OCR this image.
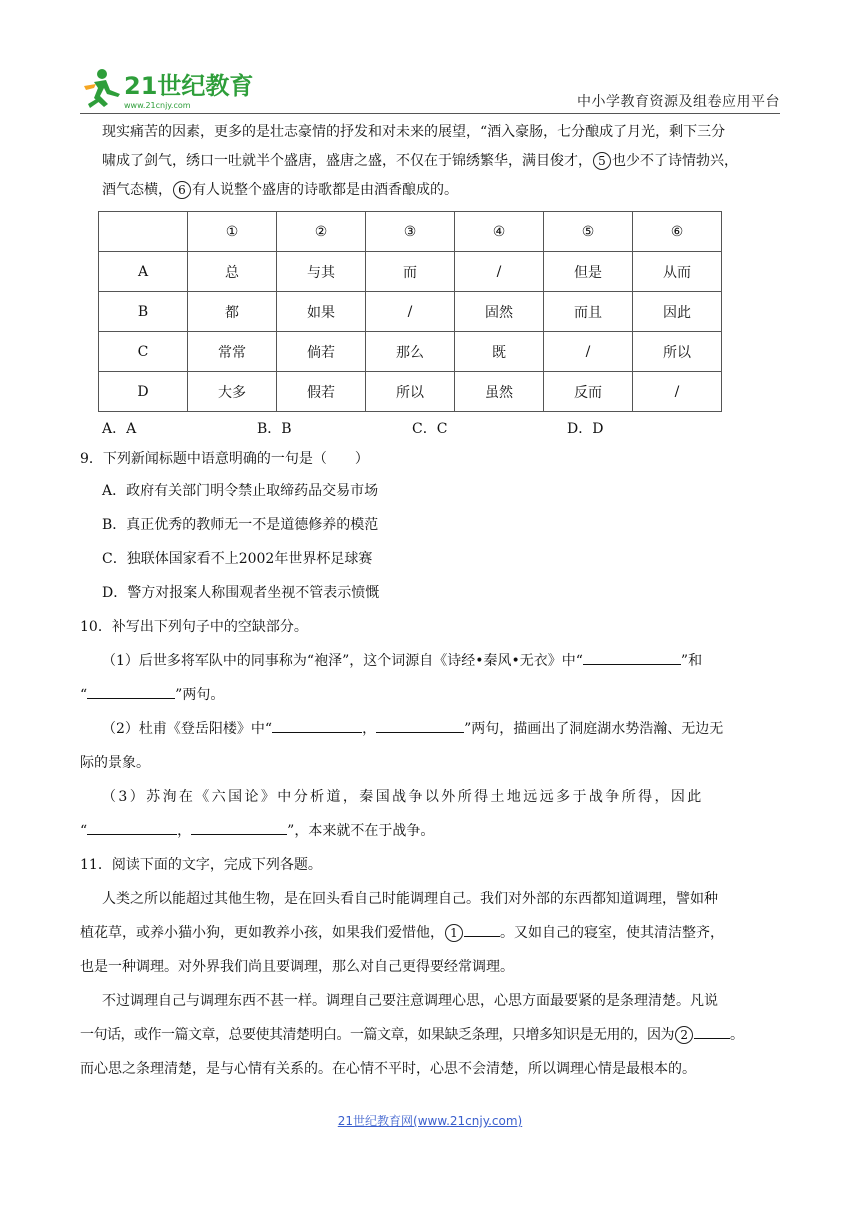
21世纪教育
www.21cnjy.com	中小学教育资源及组卷应用平台

现实痛苦的因素，更多的是壮志豪情的抒发和对未来的展望，“酒入豪肠，七分酿成了月光，剩下三分

啸成了剑气，绣口一吐就半个盛唐，盛唐之盛，不仅在于锦绣繁华，满目俊才， 5 也少不了诗情勃兴，

酒气态横， 6 有人说整个盛唐的诗歌都是由酒香酿成的。

	①	②	③	④	⑤	⑥
A	总	与其	而	/	但是	从而
B	都	如果	/	固然	而且	因此
C	常常	倘若	那么	既	/	所以
D	大多	假若	所以	虽然	反而	/
A．A	B．B	C．C	D．D

9．下列新闻标题中语意明确的一句是（　　）

A．政府有关部门明令禁止取缔药品交易市场

B．真正优秀的教师无一不是道德修养的模范

C．独联体国家看不上2002年世界杯足球赛

D．警方对报案人称围观者坐视不管表示愤慨

10．补写出下列句子中的空缺部分。

（1）后世多将军队中的同事称为“袍泽”，这个词源自《诗经•秦风•无衣》中“	”和

“	”两句。

（2）杜甫《登岳阳楼》中“	，	”两句，描画出了洞庭湖水势浩瀚、无边无

际的景象。

（3）苏洵在《六国论》中分析道，秦国战争以外所得土地远远多于战争所得，因此

“	，	”，本来就不在于战争。

11．阅读下面的文字，完成下列各题。

人类之所以能超过其他生物，是在回头看自己时能调理自己。我们对外部的东西都知道调理，譬如种

植花草，或养小猫小狗，更如教养小孩，如果我们爱惜他， 1	。又如自己的寝室，使其清洁整齐，

也是一种调理。对外界我们尚且要调理，那么对自己更得要经常调理。

不过调理自己与调理东西不甚一样。调理自己要注意调理心思，心思方面最要紧的是条理清楚。凡说

一句话，或作一篇文章，总要使其清楚明白。一篇文章，如果缺乏条理，只增多知识是无用的，因为 2	。

而心思之条理清楚，是与心情有关系的。在心情不平时，心思不会清楚，所以调理心情是最根本的。

21世纪教育网(www.21cnjy.com)
